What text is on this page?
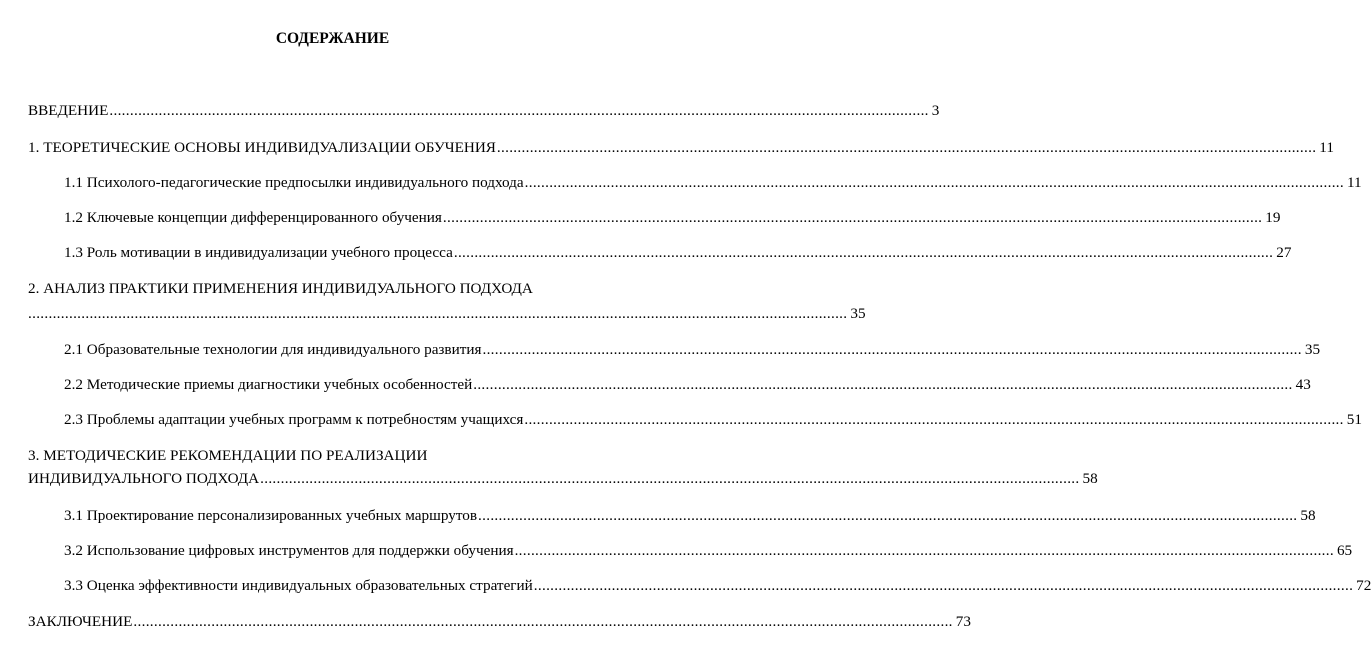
СОДЕРЖАНИЕ
ВВЕДЕНИЕ ........................................................................................................................................................................................................ 3
1. ТЕОРЕТИЧЕСКИЕ ОСНОВЫ ИНДИВИДУАЛИЗАЦИИ ОБУЧЕНИЯ ........................................................................................................................................................................................................ 11
1.1 Психолого-педагогические предпосылки индивидуального подхода ........................................................................................................................................................................................................ 11
1.2 Ключевые концепции дифференцированного обучения ........................................................................................................................................................................................................ 19
1.3 Роль мотивации в индивидуализации учебного процесса ........................................................................................................................................................................................................ 27
2. АНАЛИЗ ПРАКТИКИ ПРИМЕНЕНИЯ ИНДИВИДУАЛЬНОГО ПОДХОДА
........................................................................................................................................................................................................ 35
2.1 Образовательные технологии для индивидуального развития ........................................................................................................................................................................................................ 35
2.2 Методические приемы диагностики учебных особенностей ........................................................................................................................................................................................................ 43
2.3 Проблемы адаптации учебных программ к потребностям учащихся ........................................................................................................................................................................................................ 51
3. МЕТОДИЧЕСКИЕ РЕКОМЕНДАЦИИ ПО РЕАЛИЗАЦИИ
ИНДИВИДУАЛЬНОГО ПОДХОДА ........................................................................................................................................................................................................ 58
3.1 Проектирование персонализированных учебных маршрутов ........................................................................................................................................................................................................ 58
3.2 Использование цифровых инструментов для поддержки обучения ........................................................................................................................................................................................................ 65
3.3 Оценка эффективности индивидуальных образовательных стратегий ........................................................................................................................................................................................................ 72
ЗАКЛЮЧЕНИЕ ........................................................................................................................................................................................................ 73
